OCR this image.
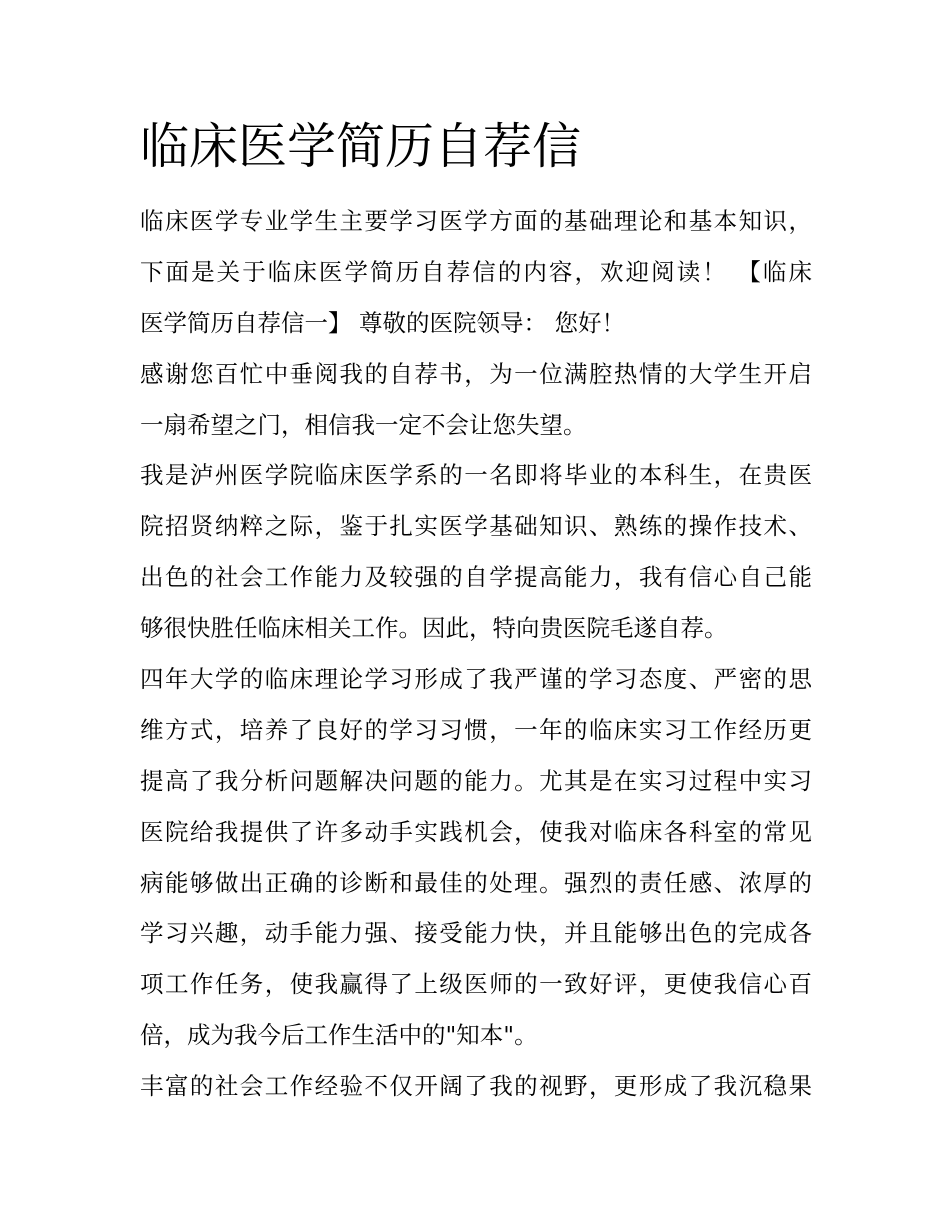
临床医学简历自荐信
临床医学专业学生主要学习医学方面的基础理论和基本知识，
下面是关于临床医学简历自荐信的内容，欢迎阅读！ 【临床
医学简历自荐信一】 尊敬的医院领导： 您好！
感谢您百忙中垂阅我的自荐书，为一位满腔热情的大学生开启
一扇希望之门，相信我一定不会让您失望。
我是泸州医学院临床医学系的一名即将毕业的本科生，在贵医
院招贤纳粹之际，鉴于扎实医学基础知识、熟练的操作技术、
出色的社会工作能力及较强的自学提高能力，我有信心自己能
够很快胜任临床相关工作。因此，特向贵医院毛遂自荐。
四年大学的临床理论学习形成了我严谨的学习态度、严密的思
维方式，培养了良好的学习习惯，一年的临床实习工作经历更
提高了我分析问题解决问题的能力。尤其是在实习过程中实习
医院给我提供了许多动手实践机会，使我对临床各科室的常见
病能够做出正确的诊断和最佳的处理。强烈的责任感、浓厚的
学习兴趣，动手能力强、接受能力快，并且能够出色的完成各
项工作任务，使我赢得了上级医师的一致好评，更使我信心百
倍，成为我今后工作生活中的"知本"。
丰富的社会工作经验不仅开阔了我的视野，更形成了我沉稳果
